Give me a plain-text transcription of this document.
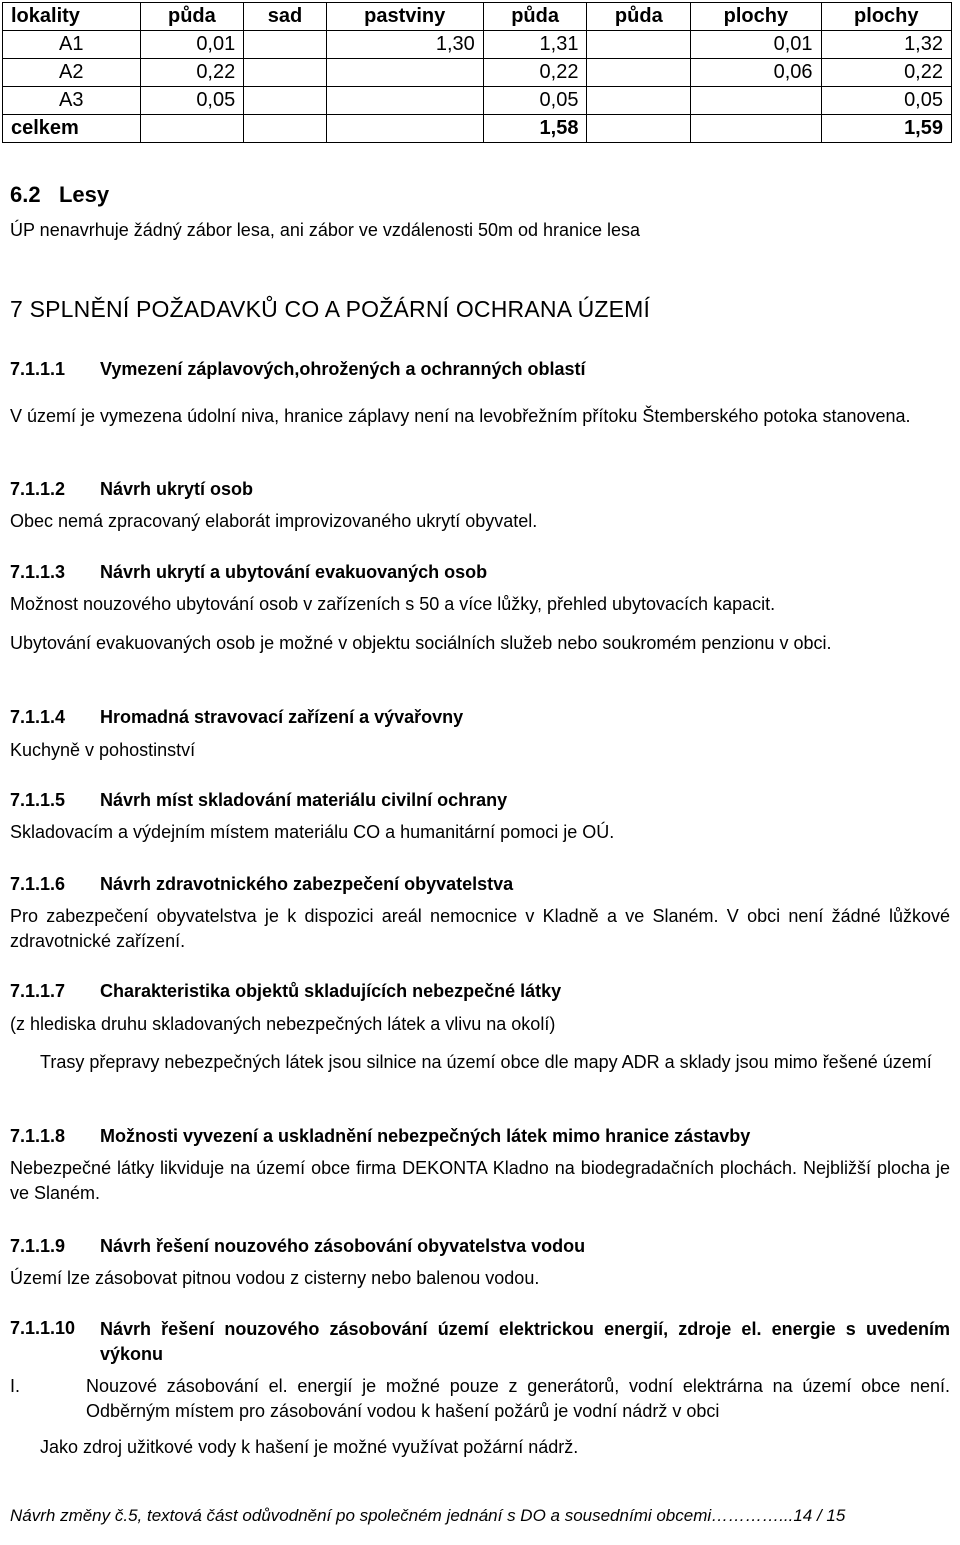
lokality	půda	sad	pastviny	půda	půda	plochy	plochy
A1	0,01		1,30	1,31		0,01	1,32
A2	0,22			0,22		0,06	0,22
A3	0,05			0,05			0,05
celkem				1,58			1,59
6.2 Lesy
ÚP nenavrhuje žádný zábor lesa, ani zábor ve vzdálenosti 50m od hranice lesa
7 SPLNĚNÍ POŽADAVKŮ CO A POŽÁRNÍ OCHRANA ÚZEMÍ
7.1.1.1 Vymezení záplavových,ohrožených a ochranných oblastí
V území je vymezena údolní niva, hranice záplavy není na levobřežním přítoku Štemberského potoka stanovena.
7.1.1.2 Návrh ukrytí osob
Obec nemá zpracovaný elaborát improvizovaného ukrytí obyvatel.
7.1.1.3 Návrh ukrytí a ubytování evakuovaných osob
Možnost nouzového ubytování osob v zařízeních s 50 a více lůžky, přehled ubytovacích kapacit.
Ubytování evakuovaných osob je možné v objektu sociálních služeb nebo soukromém penzionu v obci.
7.1.1.4 Hromadná stravovací zařízení a vývařovny
Kuchyně v pohostinství
7.1.1.5 Návrh míst skladování materiálu civilní ochrany
Skladovacím a výdejním místem materiálu CO a humanitární pomoci je OÚ.
7.1.1.6 Návrh zdravotnického zabezpečení obyvatelstva
Pro zabezpečení obyvatelstva je k dispozici areál nemocnice v Kladně a ve Slaném. V obci není žádné lůžkové zdravotnické zařízení.
7.1.1.7 Charakteristika objektů skladujících nebezpečné látky
(z hlediska druhu skladovaných nebezpečných látek a vlivu na okolí)
Trasy přepravy nebezpečných látek jsou silnice na území obce dle mapy ADR a sklady jsou mimo řešené území
7.1.1.8 Možnosti vyvezení a uskladnění nebezpečných látek mimo hranice zástavby
Nebezpečné látky likviduje na území obce firma DEKONTA Kladno na biodegradačních plochách. Nejbližší plocha je ve Slaném.
7.1.1.9 Návrh řešení nouzového zásobování obyvatelstva vodou
Území lze zásobovat pitnou vodou z cisterny nebo balenou vodou.
7.1.1.10	Návrh řešení nouzového zásobování území elektrickou energií, zdroje el. energie s uvedením výkonu
I.	Nouzové zásobování el. energií je možné pouze z generátorů, vodní elektrárna na území obce není. Odběrným místem pro zásobování vodou k hašení požárů je vodní nádrž v obci
Jako zdroj užitkové vody k hašení je možné využívat požární nádrž.
Návrh změny č.5, textová část odůvodnění po společném jednání s DO a sousedními obcemi…………...14 / 15
